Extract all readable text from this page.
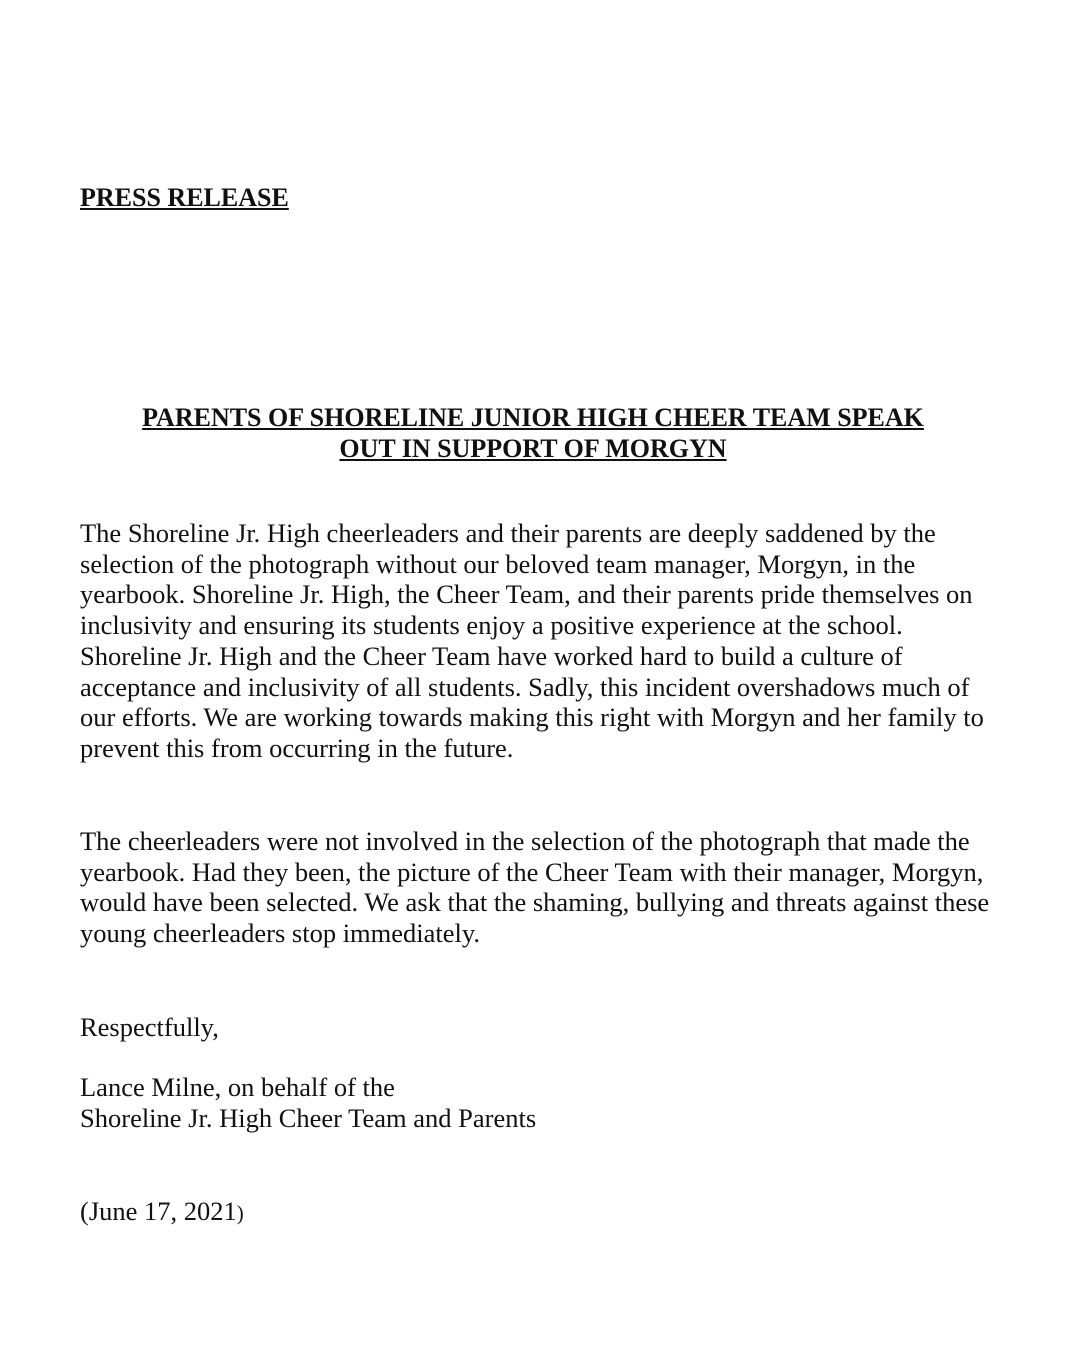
PRESS RELEASE

PARENTS OF SHORELINE JUNIOR HIGH CHEER TEAM SPEAK
OUT IN SUPPORT OF MORGYN

The Shoreline Jr. High cheerleaders and their parents are deeply saddened by the selection of the photograph without our beloved team manager, Morgyn, in the yearbook. Shoreline Jr. High, the Cheer Team, and their parents pride themselves on inclusivity and ensuring its students enjoy a positive experience at the school. Shoreline Jr. High and the Cheer Team have worked hard to build a culture of acceptance and inclusivity of all students. Sadly, this incident overshadows much of our efforts. We are working towards making this right with Morgyn and her family to prevent this from occurring in the future.

The cheerleaders were not involved in the selection of the photograph that made the yearbook. Had they been, the picture of the Cheer Team with their manager, Morgyn, would have been selected. We ask that the shaming, bullying and threats against these young cheerleaders stop immediately.

Respectfully,

Lance Milne, on behalf of the
Shoreline Jr. High Cheer Team and Parents

(June 17, 2021)
